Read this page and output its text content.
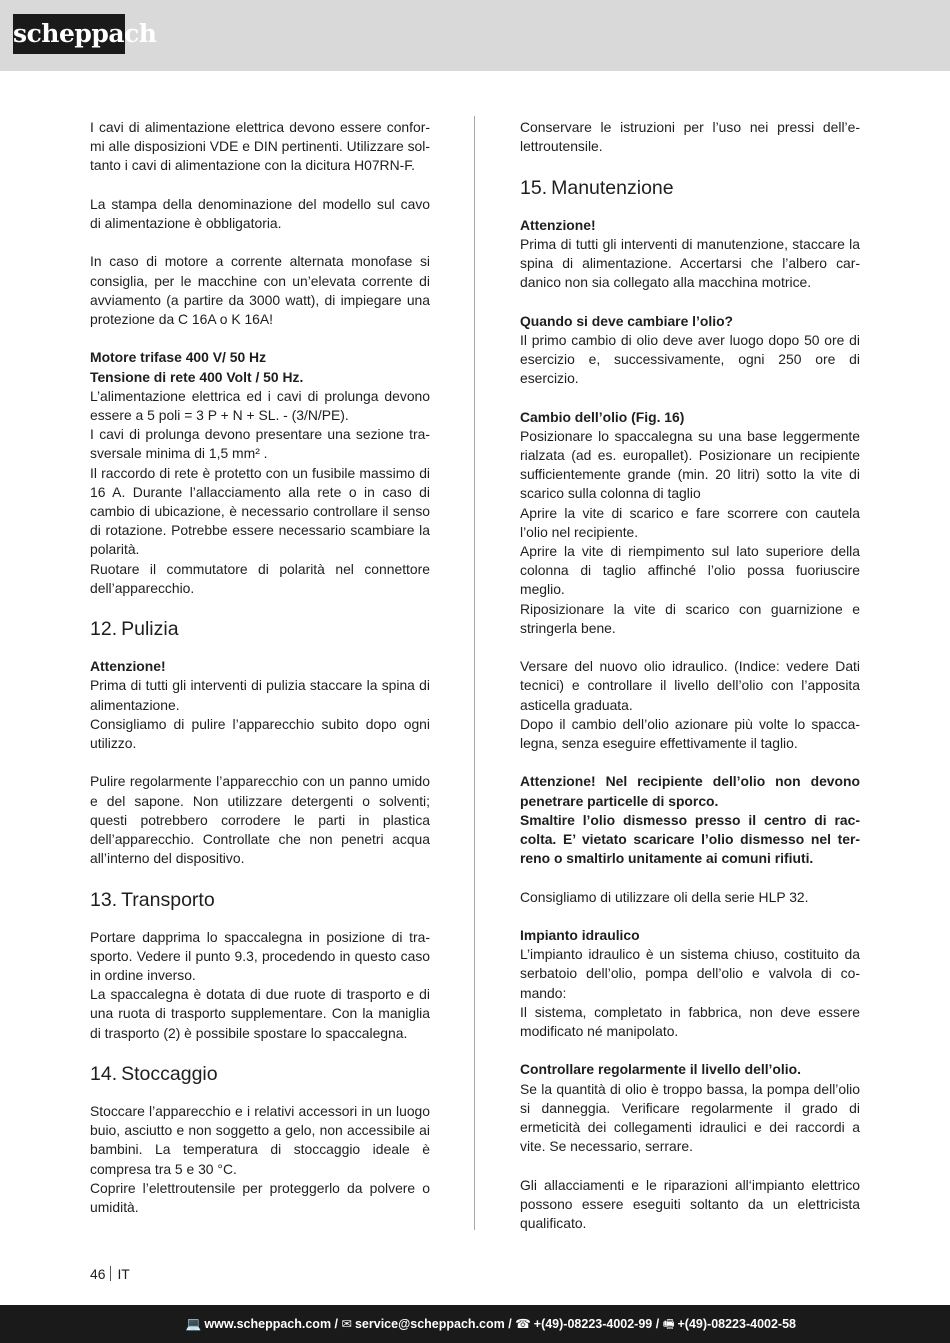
scheppach

I cavi di alimentazione elettrica devono essere conformi alle disposizioni VDE e DIN pertinenti. Utilizzare soltanto i cavi di alimentazione con la dicitura H07RN-F.

La stampa della denominazione del modello sul cavo di alimentazione è obbligatoria.

In caso di motore a corrente alternata monofase si consiglia, per le macchine con un’elevata corrente di avviamento (a partire da 3000 watt), di impiegare una protezione da C 16A o K 16A!

Motore trifase 400 V/ 50 Hz

Tensione di rete 400 Volt / 50 Hz.

L’alimentazione elettrica ed i cavi di prolunga devono essere a 5 poli = 3 P + N + SL. - (3/N/PE).

I cavi di prolunga devono presentare una sezione trasversale minima di 1,5 mm² .

Il raccordo di rete è protetto con un fusibile massimo di 16 A. Durante l’allacciamento alla rete o in caso di cambio di ubicazione, è necessario controllare il senso di rotazione. Potrebbe essere necessario scambiare la polarità.

Ruotare il commutatore di polarità nel connettore dell’apparecchio.

12. Pulizia

Attenzione!

Prima di tutti gli interventi di pulizia staccare la spina di alimentazione.

Consigliamo di pulire l’apparecchio subito dopo ogni utilizzo.

Pulire regolarmente l’apparecchio con un panno umido e del sapone. Non utilizzare detergenti o solventi; questi potrebbero corrodere le parti in plastica dell’apparecchio. Controllate che non penetri acqua all’interno del dispositivo.

13. Transporto

Portare dapprima lo spaccalegna in posizione di trasporto. Vedere il punto 9.3, procedendo in questo caso in ordine inverso.

La spaccalegna è dotata di due ruote di trasporto e di una ruota di trasporto supplementare. Con la maniglia di trasporto (2) è possibile spostare lo spaccalegna.

14. Stoccaggio

Stoccare l’apparecchio e i relativi accessori in un luogo buio, asciutto e non soggetto a gelo, non accessibile ai bambini. La temperatura di stoccaggio ideale è compresa tra 5 e 30 °C.

Coprire l’elettroutensile per proteggerlo da polvere o umidità.

Conservare le istruzioni per l’uso nei pressi dell’elettroutensile.

15. Manutenzione

Attenzione!

Prima di tutti gli interventi di manutenzione, staccare la spina di alimentazione. Accertarsi che l’albero cardanico non sia collegato alla macchina motrice.

Quando si deve cambiare l’olio?

Il primo cambio di olio deve aver luogo dopo 50 ore di esercizio e, successivamente, ogni 250 ore di esercizio.

Cambio dell’olio (Fig. 16)

Posizionare lo spaccalegna su una base leggermente rialzata (ad es. europallet). Posizionare un recipiente sufficientemente grande (min. 20 litri) sotto la vite di scarico sulla colonna di taglio

Aprire la vite di scarico e fare scorrere con cautela l’olio nel recipiente.

Aprire la vite di riempimento sul lato superiore della colonna di taglio affinché l’olio possa fuoriuscire meglio.

Riposizionare la vite di scarico con guarnizione e stringerla bene.

Versare del nuovo olio idraulico. (Indice: vedere Dati tecnici) e controllare il livello dell’olio con l’apposita asticella graduata.

Dopo il cambio dell’olio azionare più volte lo spaccalegna, senza eseguire effettivamente il taglio.

Attenzione! Nel recipiente dell’olio non devono penetrare particelle di sporco.

Smaltire l’olio dismesso presso il centro di raccolta. E’ vietato scaricare l’olio dismesso nel terreno o smaltirlo unitamente ai comuni rifiuti.

Consigliamo di utilizzare oli della serie HLP 32.

Impianto idraulico

L’impianto idraulico è un sistema chiuso, costituito da serbatoio dell’olio, pompa dell’olio e valvola di comando:

Il sistema, completato in fabbrica, non deve essere modificato né manipolato.

Controllare regolarmente il livello dell’olio.

Se la quantità di olio è troppo bassa, la pompa dell’olio si danneggia. Verificare regolarmente il grado di ermeticità dei collegamenti idraulici e dei raccordi a vite. Se necessario, serrare.

Gli allacciamenti e le riparazioni all‘impianto elettrico possono essere eseguiti soltanto da un elettricista qualificato.

46 IT
💻 www.scheppach.com / ✉ service@scheppach.com / ☎ +(49)-08223-4002-99 / 🖷 +(49)-08223-4002-58
